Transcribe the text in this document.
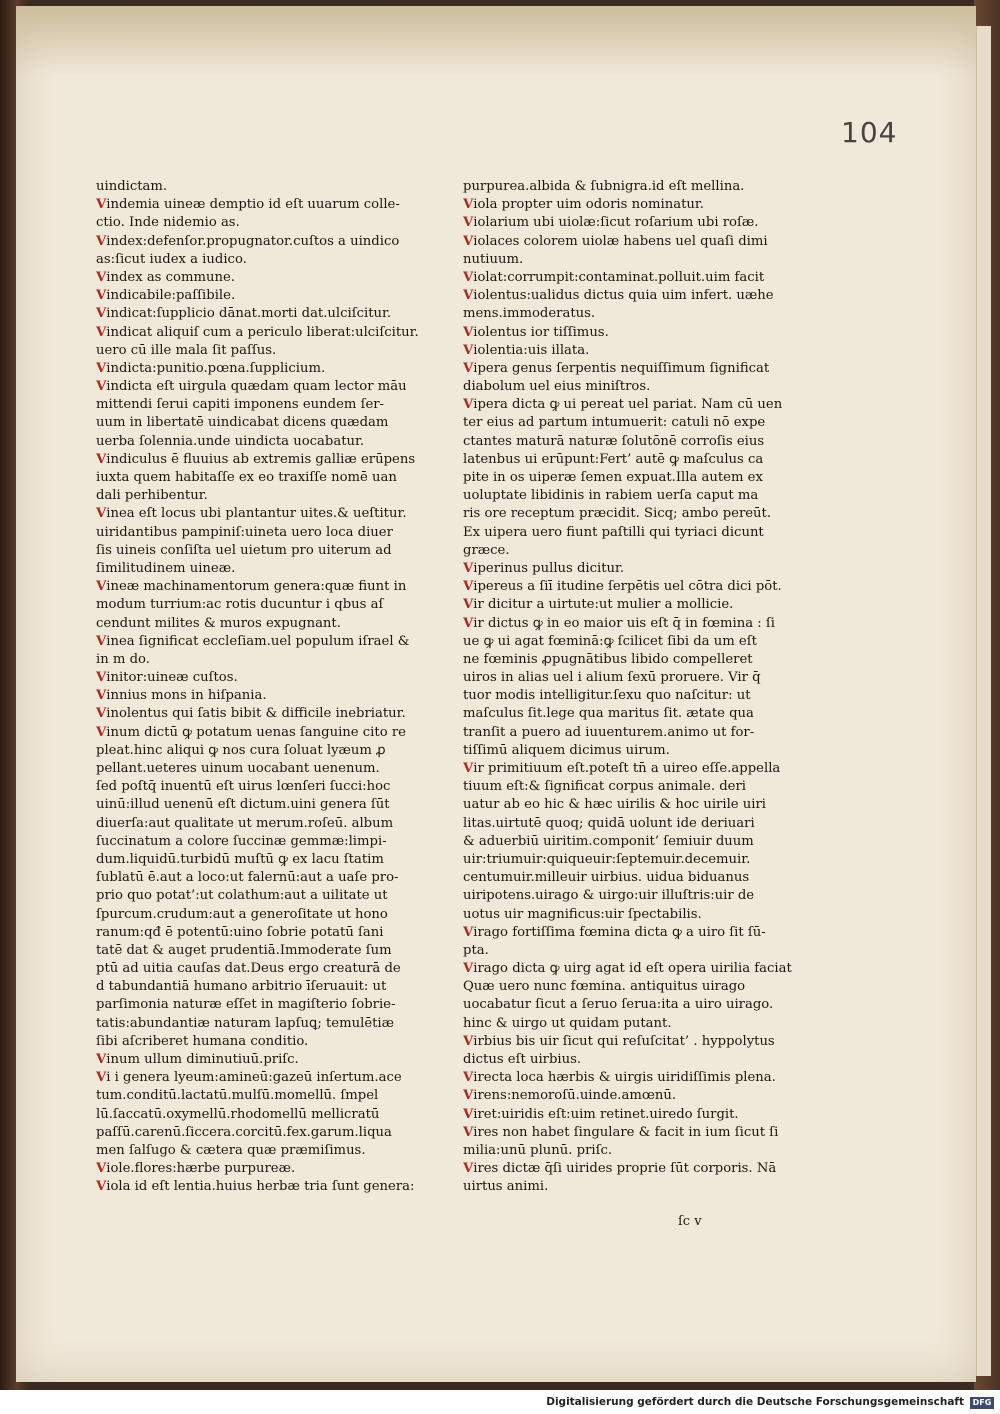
104
uindictam.
Vindemia uineæ demptio id eſt uuarum colle-
ctio. Inde nidemio as.
Vindex:defenſor.propugnator.cuſtos a uindico
as:ſicut iudex a iudico.
Vindex as commune.
Vindicabile:paſſibile.
Vindicat:ſupplicio dānat.morti dat.ulciſcitur.
Vindicat aliquiſ cum a periculo liberat:ulciſcitur.
uero cū ille mala ſit paſſus.
Vindicta:punitio.pœna.ſupplicium.
Vindicta eſt uirgula quædam quam lector māu
mittendi ſerui capiti imponens eundem ſer-
uum in libertatē uindicabat dicens quædam
uerba ſolennia.unde uindicta uocabatur.
Vindiculus ē fluuius ab extremis galliæ erūpens
iuxta quem habitaſſe ex eo traxiſſe nomē uan
dali perhibentur.
Vinea eſt locus ubi plantantur uites.& ueſtitur.
uiridantibus pampiniſ:uineta uero loca diuer
ſis uineis conſiſta uel uietum pro uiterum ad
ſimilitudinem uineæ.
Vineæ machinamentorum genera:quæ fiunt in
modum turrium:ac rotis ducuntur i qbus aſ
cendunt milites & muros expugnant.
Vinea ſignificat eccleſiam.uel populum iſrael &
in m do.
Vinitor:uineæ cuſtos.
Vinnius mons in hiſpania.
Vinolentus qui ſatis bibit & difficile inebriatur.
Vinum dictū ꝙ potatum uenas ſanguine cito re
pleat.hinc aliqui ꝙ nos cura ſoluat lyæum ꝓ
pellant.ueteres uinum uocabant uenenum.
ſed poſtq̄ inuentū eſt uirus lœnſeri ſucci:hoc
uinū:illud uenenū eſt dictum.uini genera ſūt
diuerſa:aut qualitate ut merum.roſeū. album
ſuccinatum a colore ſuccinæ gemmæ:limpi-
dum.liquidū.turbidū muſtū ꝙ ex lacu ſtatim
ſublatū ē.aut a loco:ut falernū:aut a uaſe pro-
prio quo potat’:ut colathum:aut a uilitate ut
ſpurcum.crudum:aut a generoſitate ut hono
ranum:qđ ē potentū:uino ſobrie potatū ſani
tatē dat & auget prudentiā.Immoderate ſum
ptū ad uitia cauſas dat.Deus ergo creaturā de
d tabundantiā humano arbitrio īſeruauit: ut
parſimonia naturæ eſſet in magiſterio ſobrie-
tatis:abundantiæ naturam lapſuꝗ; temulētiæ
ſibi aſcriberet humana conditio.
Vinum ullum diminutiuū.priſc.
Vi i genera lyeum:amineū:gazeū inſertum.ace
tum.conditū.lactatū.mulſū.momellū. ſmpel
lū.ſaccatū.oxymellū.rhodomellū mellicratū
paſſū.carenū.ſiccera.corcitū.fex.garum.liqua
men ſalſugo & cætera quæ præmiſimus.
Viole.flores:hærbe purpureæ.
Viola id eſt lentia.huius herbæ tria ſunt genera:
purpurea.albida & ſubnigra.id eſt mellina.
Viola propter uim odoris nominatur.
Violarium ubi uiolæ:ſicut roſarium ubi roſæ.
Violaces colorem uiolæ habens uel quaſi dimi
nutiuum.
Violat:corrumpit:contaminat.polluit.uim facit
Violentus:ualidus dictus quia uim infert. uæhe
mens.immoderatus.
Violentus ior tiſſimus.
Violentia:uis illata.
Vipera genus ſerpentis nequiſſimum ſignificat
diabolum uel eius miniſtros.
Vipera dicta ꝙ ui pereat uel pariat. Nam cū uen
ter eius ad partum intumuerit: catuli nō expe
ctantes maturā naturæ ſolutōnē corroſis eius
latenbus ui erūpunt:Fert’ autē ꝙ maſculus ca
pite in os uiperæ ſemen expuat.Illa autem ex
uoluptate libidinis in rabiem uerſa caput ma
ris ore receptum præcidit. Sicq; ambo pereūt.
Ex uipera uero fiunt paſtilli qui tyriaci dicunt
græce.
Viperinus pullus dicitur.
Vipereus a ſiī itudine ſerpētis uel cōtra dici pōt.
Vir dicitur a uirtute:ut mulier a mollicie.
Vir dictus ꝙ in eo maior uis eſt q̄ in fœmina : ſi
ue ꝙ ui agat fœminā:ꝙ ſcilicet ſibi da um eſt
ne fœminis ꝓpugnātibus libido compelleret
uiros in alias uel i alium ſexū proruere. Vir q̄
tuor modis intelligitur.ſexu quo naſcitur: ut
maſculus ſit.lege qua maritus ſit. ætate qua
tranſit a puero ad iuuenturem.animo ut for-
tiſſimū aliquem dicimus uirum.
Vir primitiuum eſt.poteſt tn̄ a uireo eſſe.appella
tiuum eſt:& ſignificat corpus animale. deri
uatur ab eo hic & hæc uirilis & hoc uirile uiri
litas.uirtutē quoq; quidā uolunt ide deriuari
& aduerbiū uiritim.componit’ ſemiuir duum
uir:triumuir:quiqueuir:ſeptemuir.decemuir.
centumuir.milleuir uirbius. uidua biduanus
uiripotens.uirago & uirgo:uir illuſtris:uir de
uotus uir magnificus:uir ſpectabilis.
Virago fortiſſima fœmina dicta ꝙ a uiro ſit ſū-
pta.
Virago dicta ꝙ uirg agat id eſt opera uirilia faciat
Quæ uero nunc fœmina. antiquitus uirago
uocabatur ſicut a ſeruo ſerua:ita a uiro uirago.
hinc & uirgo ut quidam putant.
Virbius bis uir ſicut qui reſuſcitat’ . hyppolytus
dictus eſt uirbius.
Virecta loca hærbis & uirgis uiridiſſimis plena.
Virens:nemoroſū.uinde.amœnū.
Viret:uiridis eſt:uim retinet.uiredo ſurgit.
Vires non habet ſingulare & facit in ium ſicut ſi
milia:unū plunū. priſc.
Vires dictæ q̄ſi uirides proprie ſūt corporis. Nā
uirtus animi.
ſc v
Digitalisierung gefördert durch die Deutsche Forschungsgemeinschaft	DFG
